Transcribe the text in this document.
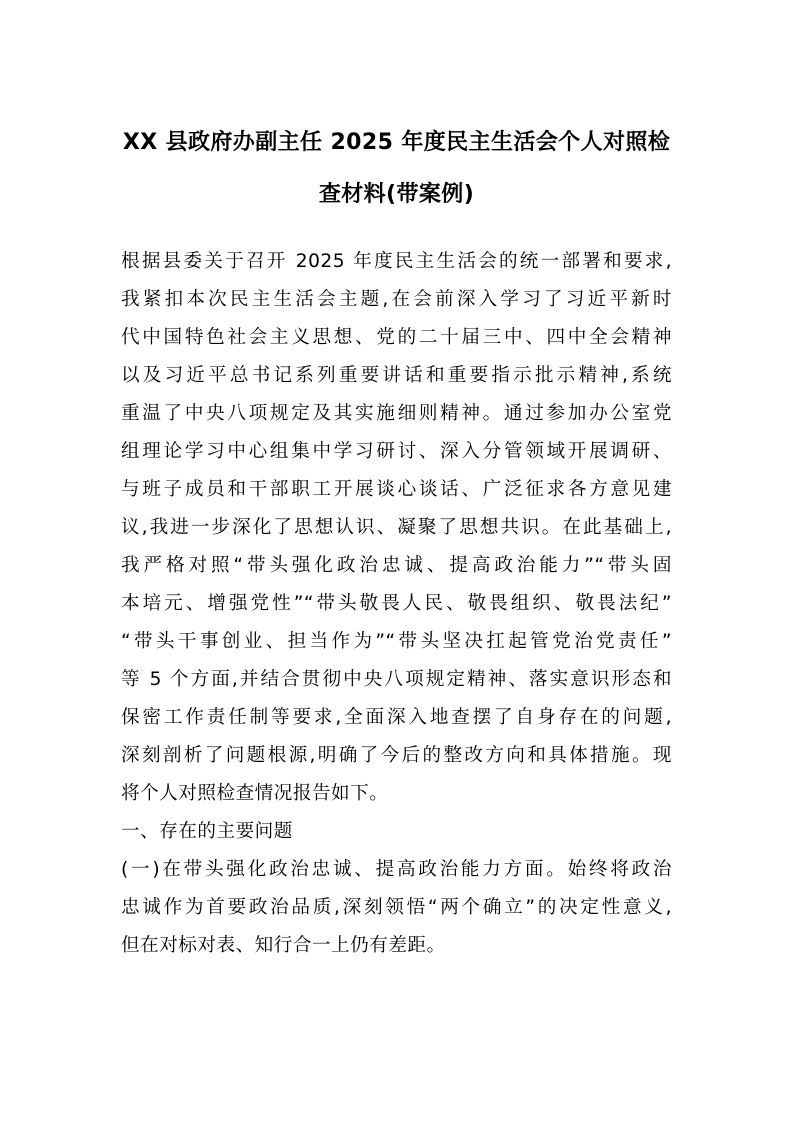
XX 县政府办副主任 2025 年度民主生活会个人对照检
查材料(带案例)
根据县委关于召开 2025 年度民主生活会的统一部署和要求,
我紧扣本次民主生活会主题,在会前深入学习了习近平新时
代中国特色社会主义思想、党的二十届三中、四中全会精神
以及习近平总书记系列重要讲话和重要指示批示精神,系统
重温了中央八项规定及其实施细则精神。通过参加办公室党
组理论学习中心组集中学习研讨、深入分管领域开展调研、
与班子成员和干部职工开展谈心谈话、广泛征求各方意见建
议,我进一步深化了思想认识、凝聚了思想共识。在此基础上,
我严格对照“带头强化政治忠诚、提高政治能力”“带头固
本培元、增强党性”“带头敬畏人民、敬畏组织、敬畏法纪”
“带头干事创业、担当作为”“带头坚决扛起管党治党责任”
等 5 个方面,并结合贯彻中央八项规定精神、落实意识形态和
保密工作责任制等要求,全面深入地查摆了自身存在的问题,
深刻剖析了问题根源,明确了今后的整改方向和具体措施。现
将个人对照检查情况报告如下。
一、存在的主要问题
(一)在带头强化政治忠诚、提高政治能力方面。始终将政治
忠诚作为首要政治品质,深刻领悟“两个确立”的决定性意义,
但在对标对表、知行合一上仍有差距。
